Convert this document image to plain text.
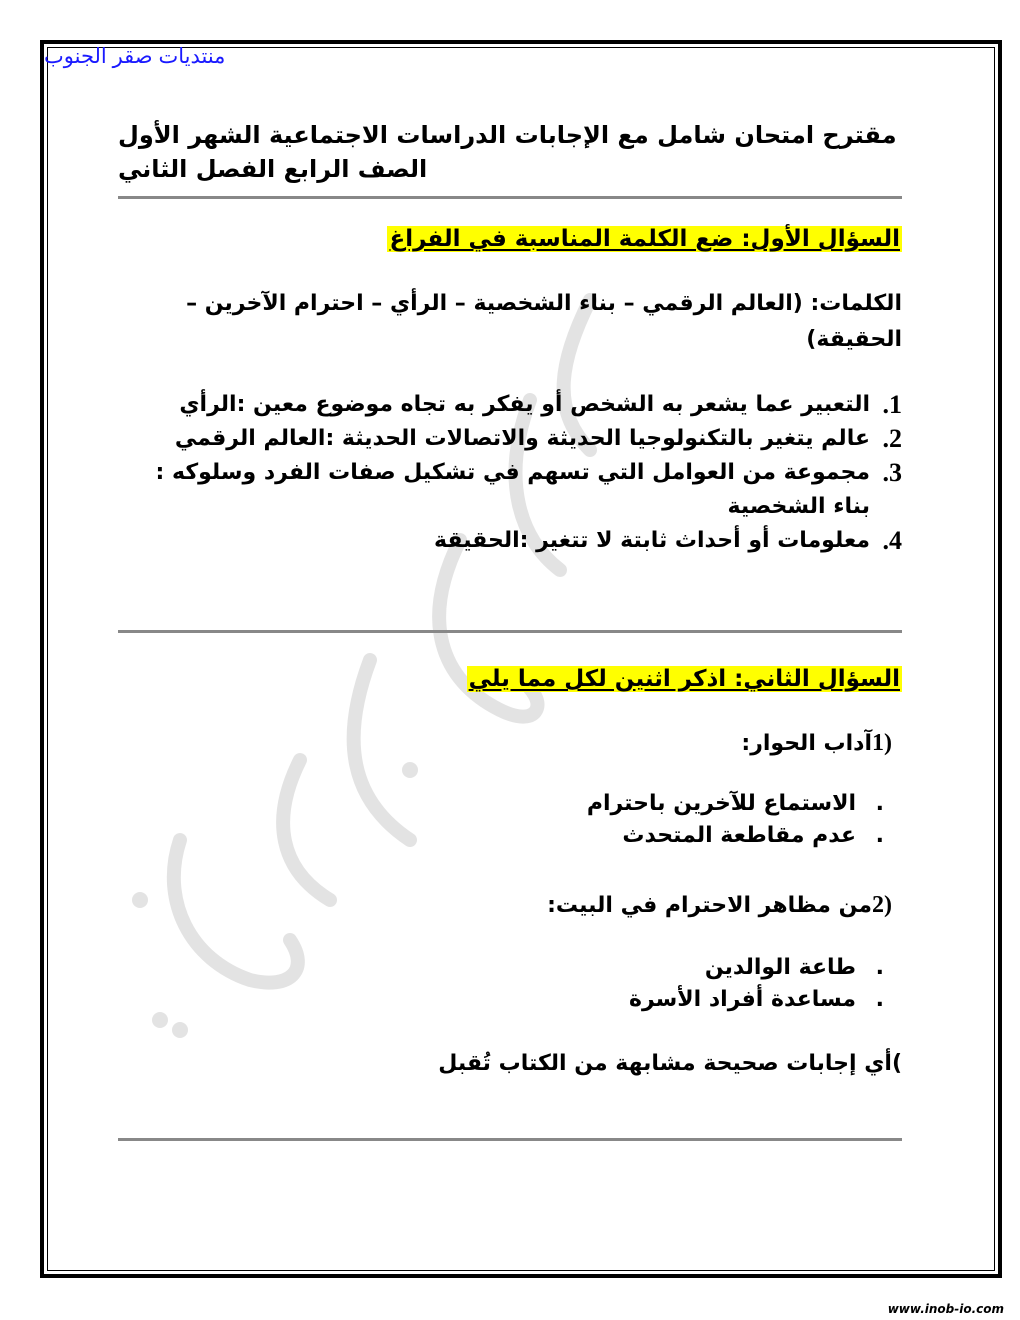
منتديات صقر الجنوب
مقترح امتحان شامل مع الإجابات الدراسات الاجتماعية الشهر الأول
الصف الرابع الفصل الثاني
السؤال الأول: ضع الكلمة المناسبة في الفراغ
الكلمات: (العالم الرقمي – بناء الشخصية – الرأي – احترام الآخرين – الحقيقة)
1.
التعبير عما يشعر به الشخص أو يفكر به تجاه موضوع معين :الرأي
2.
عالم يتغير بالتكنولوجيا الحديثة والاتصالات الحديثة :العالم الرقمي
3.
مجموعة من العوامل التي تسهم في تشكيل صفات الفرد وسلوكه : بناء الشخصية
4.
معلومات أو أحداث ثابتة لا تتغير :الحقيقة
السؤال الثاني: اذكر اثنين لكل مما يلي
(1آداب الحوار:
.
الاستماع للآخرين باحترام
.
عدم مقاطعة المتحدث
(2من مظاهر الاحترام في البيت:
.
طاعة الوالدين
.
مساعدة أفراد الأسرة
)أي إجابات صحيحة مشابهة من الكتاب تُقبل
www.inob-io.com
